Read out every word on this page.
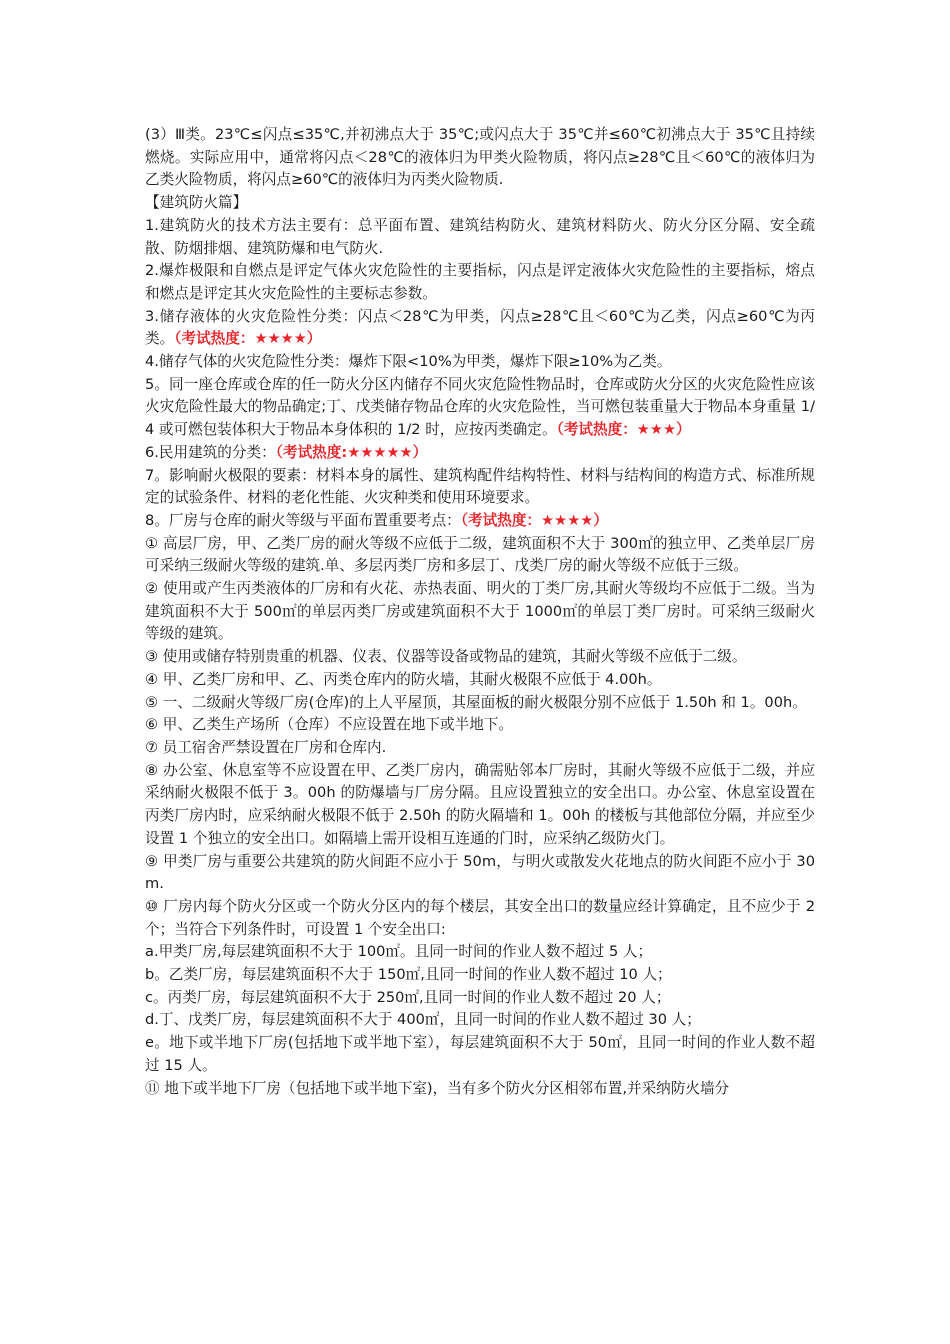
(3）Ⅲ类。23℃≤闪点≤35℃,并初沸点大于 35℃;或闪点大于 35℃并≤60℃初沸点大于 35℃且持续燃烧。实际应用中，通常将闪点＜28℃的液体归为甲类火险物质，将闪点≥28℃且＜60℃的液体归为乙类火险物质，将闪点≥60℃的液体归为丙类火险物质.

【建筑防火篇】

1.建筑防火的技术方法主要有：总平面布置、建筑结构防火、建筑材料防火、防火分区分隔、安全疏散、防烟排烟、建筑防爆和电气防火.

2.爆炸极限和自燃点是评定气体火灾危险性的主要指标，闪点是评定液体火灾危险性的主要指标，熔点和燃点是评定其火灾危险性的主要标志参数。

3.储存液体的火灾危险性分类：闪点＜28℃为甲类，闪点≥28℃且＜60℃为乙类，闪点≥60℃为丙类。（考试热度：★★★★）

4.储存气体的火灾危险性分类：爆炸下限<10%为甲类，爆炸下限≥10%为乙类。

5。同一座仓库或仓库的任一防火分区内储存不同火灾危险性物品时，仓库或防火分区的火灾危险性应该火灾危险性最大的物品确定;丁、戊类储存物品仓库的火灾危险性，当可燃包装重量大于物品本身重量 1/4 或可燃包装体积大于物品本身体积的 1/2 时，应按丙类确定。（考试热度：★★★）

6.民用建筑的分类：（考试热度:★★★★★）

7。影响耐火极限的要素：材料本身的属性、建筑构配件结构特性、材料与结构间的构造方式、标准所规定的试验条件、材料的老化性能、火灾种类和使用环境要求。

8。厂房与仓库的耐火等级与平面布置重要考点：（考试热度：★★★★）

① 高层厂房，甲、乙类厂房的耐火等级不应低于二级，建筑面积不大于 300㎡的独立甲、乙类单层厂房可采纳三级耐火等级的建筑.单、多层丙类厂房和多层丁、戊类厂房的耐火等级不应低于三级。

② 使用或产生丙类液体的厂房和有火花、赤热表面、明火的丁类厂房,其耐火等级均不应低于二级。当为建筑面积不大于 500㎡的单层丙类厂房或建筑面积不大于 1000㎡的单层丁类厂房时。可采纳三级耐火等级的建筑。

③ 使用或储存特别贵重的机器、仪表、仪器等设备或物品的建筑，其耐火等级不应低于二级。

④ 甲、乙类厂房和甲、乙、丙类仓库内的防火墙，其耐火极限不应低于 4.00h。

⑤ 一、二级耐火等级厂房(仓库)的上人平屋顶，其屋面板的耐火极限分别不应低于 1.50h 和 1。00h。

⑥ 甲、乙类生产场所（仓库）不应设置在地下或半地下。

⑦ 员工宿舍严禁设置在厂房和仓库内.

⑧ 办公室、休息室等不应设置在甲、乙类厂房内，确需贴邻本厂房时，其耐火等级不应低于二级，并应采纳耐火极限不低于 3。00h 的防爆墙与厂房分隔。且应设置独立的安全出口。办公室、休息室设置在丙类厂房内时，应采纳耐火极限不低于 2.50h 的防火隔墙和 1。00h 的楼板与其他部位分隔，并应至少设置 1 个独立的安全出口。如隔墙上需开设相互连通的门时，应采纳乙级防火门。

⑨ 甲类厂房与重要公共建筑的防火间距不应小于 50m，与明火或散发火花地点的防火间距不应小于 30m.

⑩ 厂房内每个防火分区或一个防火分区内的每个楼层，其安全出口的数量应经计算确定，且不应少于 2 个；当符合下列条件时，可设置 1 个安全出口:

a.甲类厂房,每层建筑面积不大于 100㎡。且同一时间的作业人数不超过 5 人；

b。乙类厂房，每层建筑面积不大于 150㎡,且同一时间的作业人数不超过 10 人；

c。丙类厂房，每层建筑面积不大于 250㎡,且同一时间的作业人数不超过 20 人；

d.丁、戊类厂房，每层建筑面积不大于 400㎡，且同一时间的作业人数不超过 30 人；

e。地下或半地下厂房(包括地下或半地下室），每层建筑面积不大于 50㎡，且同一时间的作业人数不超过 15 人。

⑪ 地下或半地下厂房（包括地下或半地下室)，当有多个防火分区相邻布置,并采纳防火墙分
